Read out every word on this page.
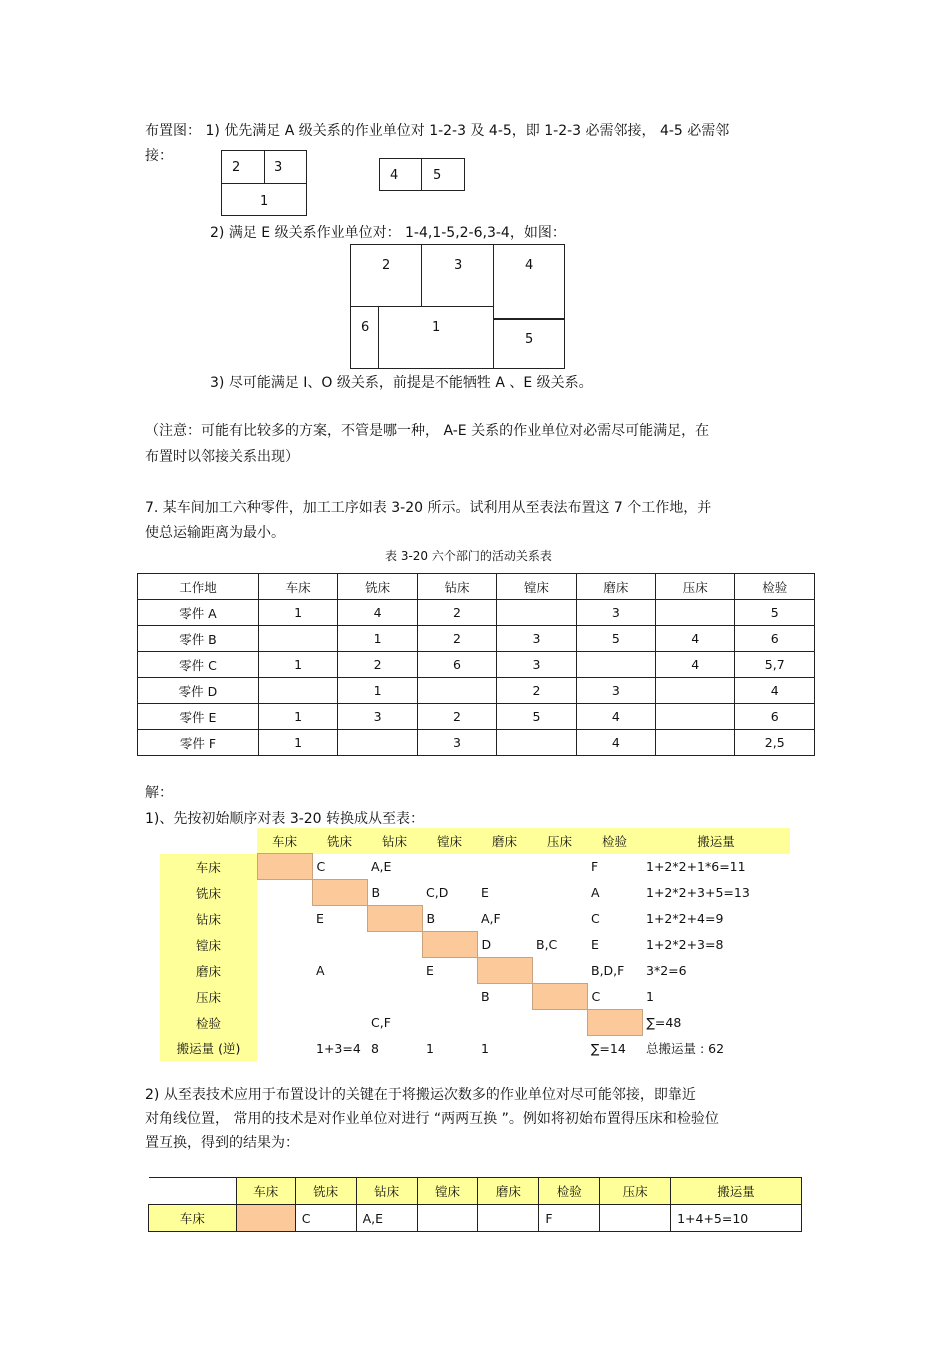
布置图： 1) 优先满足 A 级关系的作业单位对 1-2-3 及 4-5，即 1-2-3 必需邻接， 4-5 必需邻
接：
2	3
1
4	5
2) 满足 E 级关系作业单位对： 1-4,1-5,2-6,3-4，如图：
2	3	4
6	1
5
3) 尽可能满足 I、O 级关系，前提是不能牺牲 A 、E 级关系。
（注意：可能有比较多的方案，不管是哪一种， A-E 关系的作业单位对必需尽可能满足，在
布置时以邻接关系出现）
7. 某车间加工六种零件，加工工序如表 3-20 所示。试利用从至表法布置这 7 个工作地，并
使总运输距离为最小。
表 3-20 六个部门的活动关系表
工作地	车床	铣床	钻床	镗床	磨床	压床	检验
零件 A	1	4	2		3		5
零件 B		1	2	3	5	4	6
零件 C	1	2	6	3		4	5,7
零件 D		1		2	3		4
零件 E	1	3	2	5	4		6
零件 F	1		3		4		2,5
解：
1)、先按初始顺序对表 3-20 转换成从至表：
	车床	铣床	钻床	镗床	磨床	压床	检验	搬运量
车床		C	A,E				F	1+2*2+1*6=11
铣床			B	C,D	E		A	1+2*2+3+5=13
钻床		E		B	A,F		C	1+2*2+4=9
镗床					D	B,C	E	1+2*2+3=8
磨床		A		E			B,D,F	3*2=6
压床					B		C	1
检验			C,F					∑=48
搬运量 (逆)		1+3=4	8	1	1		∑=14	总搬运量 : 62
2) 从至表技术应用于布置设计的关键在于将搬运次数多的作业单位对尽可能邻接，即靠近
对角线位置， 常用的技术是对作业单位对进行 “两两互换 ”。例如将初始布置得压床和检验位
置互换，得到的结果为：
	车床	铣床	钻床	镗床	磨床	检验	压床	搬运量
车床		C	A,E			F		1+4+5=10
